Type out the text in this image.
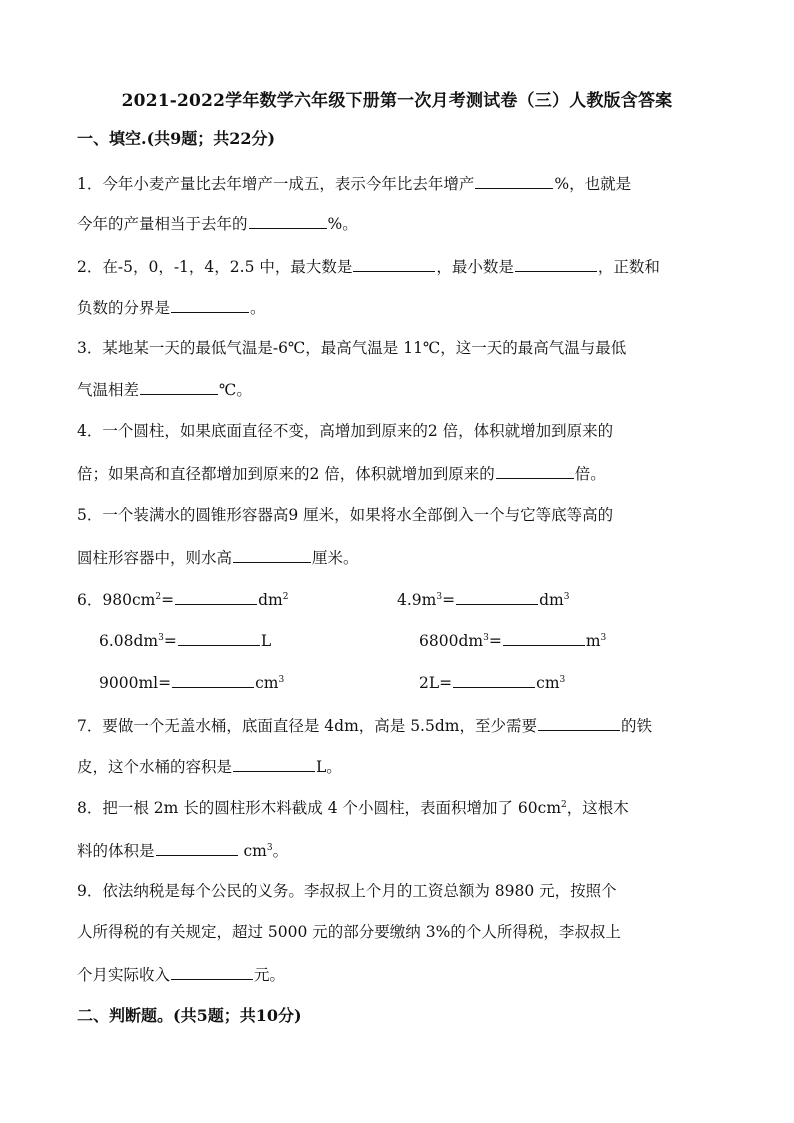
2021-2022学年数学六年级下册第一次月考测试卷（三）人教版含答案
一、填空.(共9题；共22分)
1．今年小麦产量比去年增产一成五，表示今年比去年增产	%，也就是
今年的产量相当于去年的	%。
2．在-5，0，-1，4，2.5 中，最大数是	，最小数是	，正数和
负数的分界是	。
3．某地某一天的最低气温是-6℃，最高气温是 11℃，这一天的最高气温与最低
气温相差	℃。
4．一个圆柱，如果底面直径不变，高增加到原来的2 倍，体积就增加到原来的
倍；如果高和直径都增加到原来的2 倍，体积就增加到原来的	倍。
5．一个装满水的圆锥形容器高9 厘米，如果将水全部倒入一个与它等底等高的
圆柱形容器中，则水高	厘米。
6．$980cm^2=$	$dm^2$	$4.9m^3=$	$dm^3$
$6.08dm^3=$	L	$6800dm^3=$	$m^3$
9000ml=	$cm^3$	2L=	$cm^3$
7．要做一个无盖水桶，底面直径是 4dm，高是 5.5dm，至少需要	的铁
皮，这个水桶的容积是	L。
8．把一根 2m 长的圆柱形木料截成 4 个小圆柱，表面积增加了 $60cm^2$，这根木
料的体积是	$cm^3$。
9．依法纳税是每个公民的义务。李叔叔上个月的工资总额为 8980 元，按照个
人所得税的有关规定，超过 5000 元的部分要缴纳 3%的个人所得税，李叔叔上
个月实际收入	元。
二、判断题。(共5题；共10分)
